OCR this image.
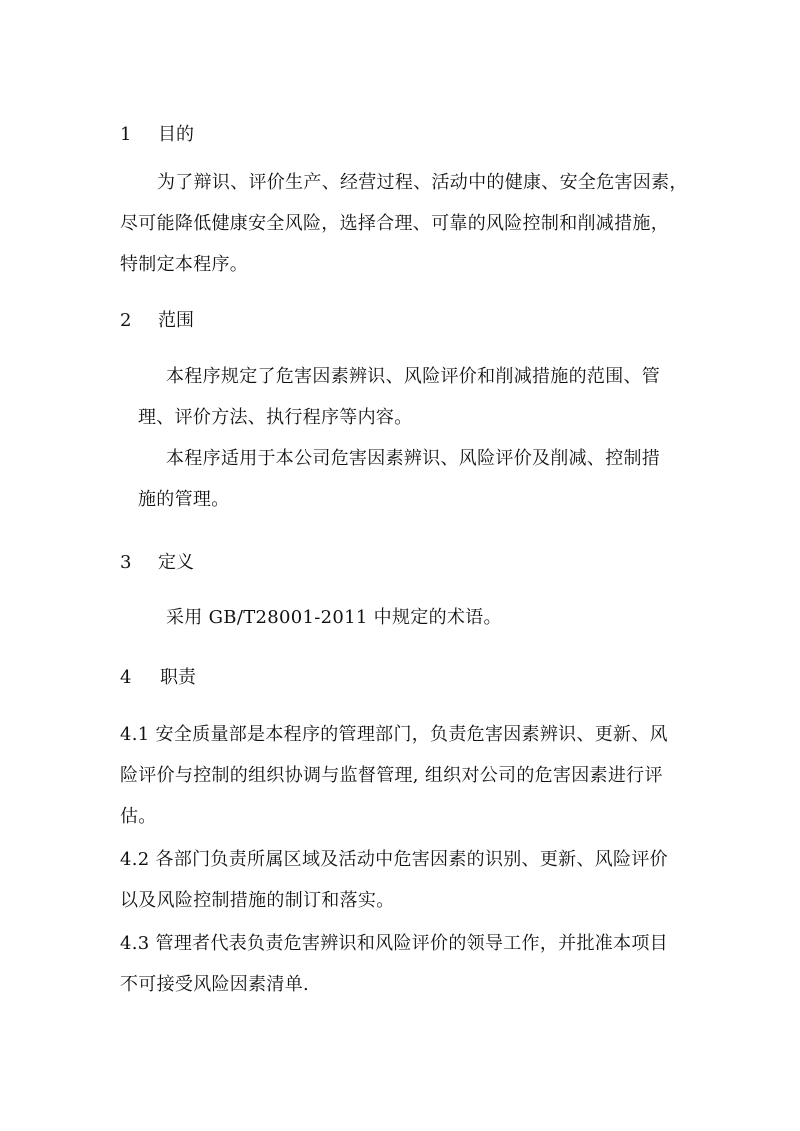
1 目的
为了辩识、评价生产、经营过程、活动中的健康、安全危害因素，
尽可能降低健康安全风险，选择合理、可靠的风险控制和削减措施，
特制定本程序。
2 范围
本程序规定了危害因素辨识、风险评价和削减措施的范围、管
理、评价方法、执行程序等内容。
本程序适用于本公司危害因素辨识、风险评价及削减、控制措
施的管理。
3 定义
采用 GB/T28001-2011 中规定的术语。
4 职责
4.1 安全质量部是本程序的管理部门，负责危害因素辨识、更新、风
险评价与控制的组织协调与监督管理, 组织对公司的危害因素进行评
估。
4.2 各部门负责所属区域及活动中危害因素的识别、更新、风险评价
以及风险控制措施的制订和落实。
4.3 管理者代表负责危害辨识和风险评价的领导工作，并批准本项目
不可接受风险因素清单.
